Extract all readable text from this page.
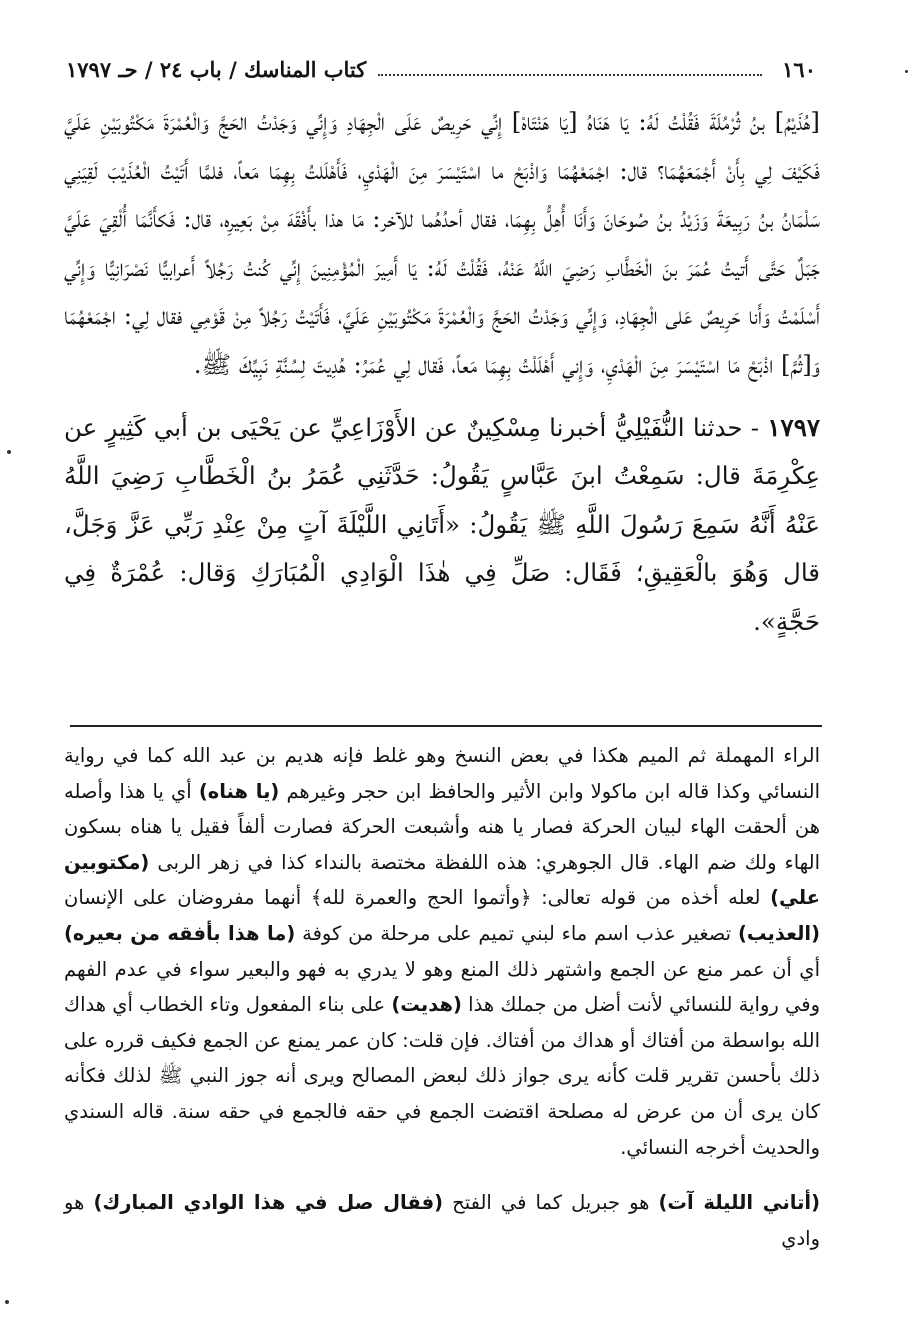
١٦٠
كتاب المناسك / باب ٢٤ / حـ ١٧٩٧

[هُذَيْمُ] بنُ ثُرْمُلَةَ فَقُلْتُ لَهُ: يَا هَنَاهُ [يَا هَنْتَاهْ] إِنِّي حَرِيصٌ عَلَى الْجِهَادِ وَإِنِّي وَجَدْتُ الحَجَّ وَالْعُمْرَةَ مَكْتُوبَيْنِ عَلَيَّ فَكَيْفَ لِي بِأَنْ أَجْمَعَهُمَا؟ قال: اجْمَعْهُمَا وَاذْبَحْ ما اسْتَيْسَرَ مِنَ الْهَدْيِ، فَأَهْلَلتُ بِهِمَا مَعاً، فلمَّا أَتَيْتُ الْعُذَيْبَ لَقِيَنِي سَلْمَانُ بنُ رَبِيعَةَ وَزَيْدُ بنُ صُوحَانَ وَأَنَا أُهِلُّ بِهِمَا، فقال أحدُهُما للآخر: مَا هذا بأَفْقَهَ مِنْ بَعِيرِه، قال: فَكأَنَّمَا أُلْقِيَ عَلَيَّ جَبَلٌ حَتَّى أَتيتُ عُمَرَ بنَ الْخَطَّابِ رَضِيَ اللَّهُ عَنْهُ، فَقُلْتُ لَهُ: يَا أَمِيرَ الْمُؤْمِنِينَ إِنِّي كُنتُ رَجُلاً أَعرابيًّا نَصْرَانِيًّا وَإِنِّي أَسْلَمْتُ وَأَنا حَرِيصٌ عَلى الْجِهَادِ، وَإِنِّي وَجَدْتُ الحَجَّ وَالْعُمْرَةَ مَكْتُوبَيْنِ عَلَيَّ، فَأَتَيْتُ رَجُلاً مِنْ قَوْمِي فقال لِي: اجْمَعْهُمَا وَ[ثُمَّ] اذْبَحْ مَا اسْتَيْسَرَ مِنَ الْهَدْيِ، وَإِني أَهْلَلْتُ بِهِمَا مَعاً، فَقال لِي عُمَرُ: هُدِيتَ لِسُنَّةِ نَبِيِّكَ ﷺ.

١٧٩٧ - حدثنا النُّفَيْلِيُّ أخبرنا مِسْكِينٌ عن الأَوْزَاعِيِّ عن يَحْيَى بن أبي كَثِيرٍ عن عِكْرِمَةَ قال: سَمِعْتُ ابنَ عَبَّاسٍ يَقُولُ: حَدَّثَنِي عُمَرُ بنُ الْخَطَّابِ رَضِيَ اللَّهُ عَنْهُ أَنَّهُ سَمِعَ رَسُولَ اللَّهِ ﷺ يَقُولُ: «أَتَانِي اللَّيْلَةَ آتٍ مِنْ عِنْدِ رَبِّي عَزَّ وَجَلَّ، قال وَهُوَ بالْعَقِيقِ؛ فَقَال: صَلِّ فِي هٰذَا الْوَادِي الْمُبَارَكِ وَقال: عُمْرَةٌ فِي حَجَّةٍ».

الراء المهملة ثم الميم هكذا في بعض النسخ وهو غلط فإنه هديم بن عبد الله كما في رواية النسائي وكذا قاله ابن ماكولا وابن الأثير والحافظ ابن حجر وغيرهم (يا هناه) أي يا هذا وأصله هن ألحقت الهاء لبيان الحركة فصار يا هنه وأشبعت الحركة فصارت ألفاً فقيل يا هناه بسكون الهاء ولك ضم الهاء. قال الجوهري: هذه اللفظة مختصة بالنداء كذا في زهر الربى (مكتوبين علي) لعله أخذه من قوله تعالى: ﴿وأتموا الحج والعمرة لله﴾ أنهما مفروضان على الإنسان (العذيب) تصغير عذب اسم ماء لبني تميم على مرحلة من كوفة (ما هذا بأفقه من بعيره) أي أن عمر منع عن الجمع واشتهر ذلك المنع وهو لا يدري به فهو والبعير سواء في عدم الفهم وفي رواية للنسائي لأنت أضل من جملك هذا (هديت) على بناء المفعول وتاء الخطاب أي هداك الله بواسطة من أفتاك أو هداك من أفتاك. فإن قلت: كان عمر يمنع عن الجمع فكيف قرره على ذلك بأحسن تقرير قلت كأنه يرى جواز ذلك لبعض المصالح ويرى أنه جوز النبي ﷺ لذلك فكأنه كان يرى أن من عرض له مصلحة اقتضت الجمع في حقه فالجمع في حقه سنة. قاله السندي والحديث أخرجه النسائي.

(أتاني الليلة آت) هو جبريل كما في الفتح (فقال صل في هذا الوادي المبارك) هو وادي
